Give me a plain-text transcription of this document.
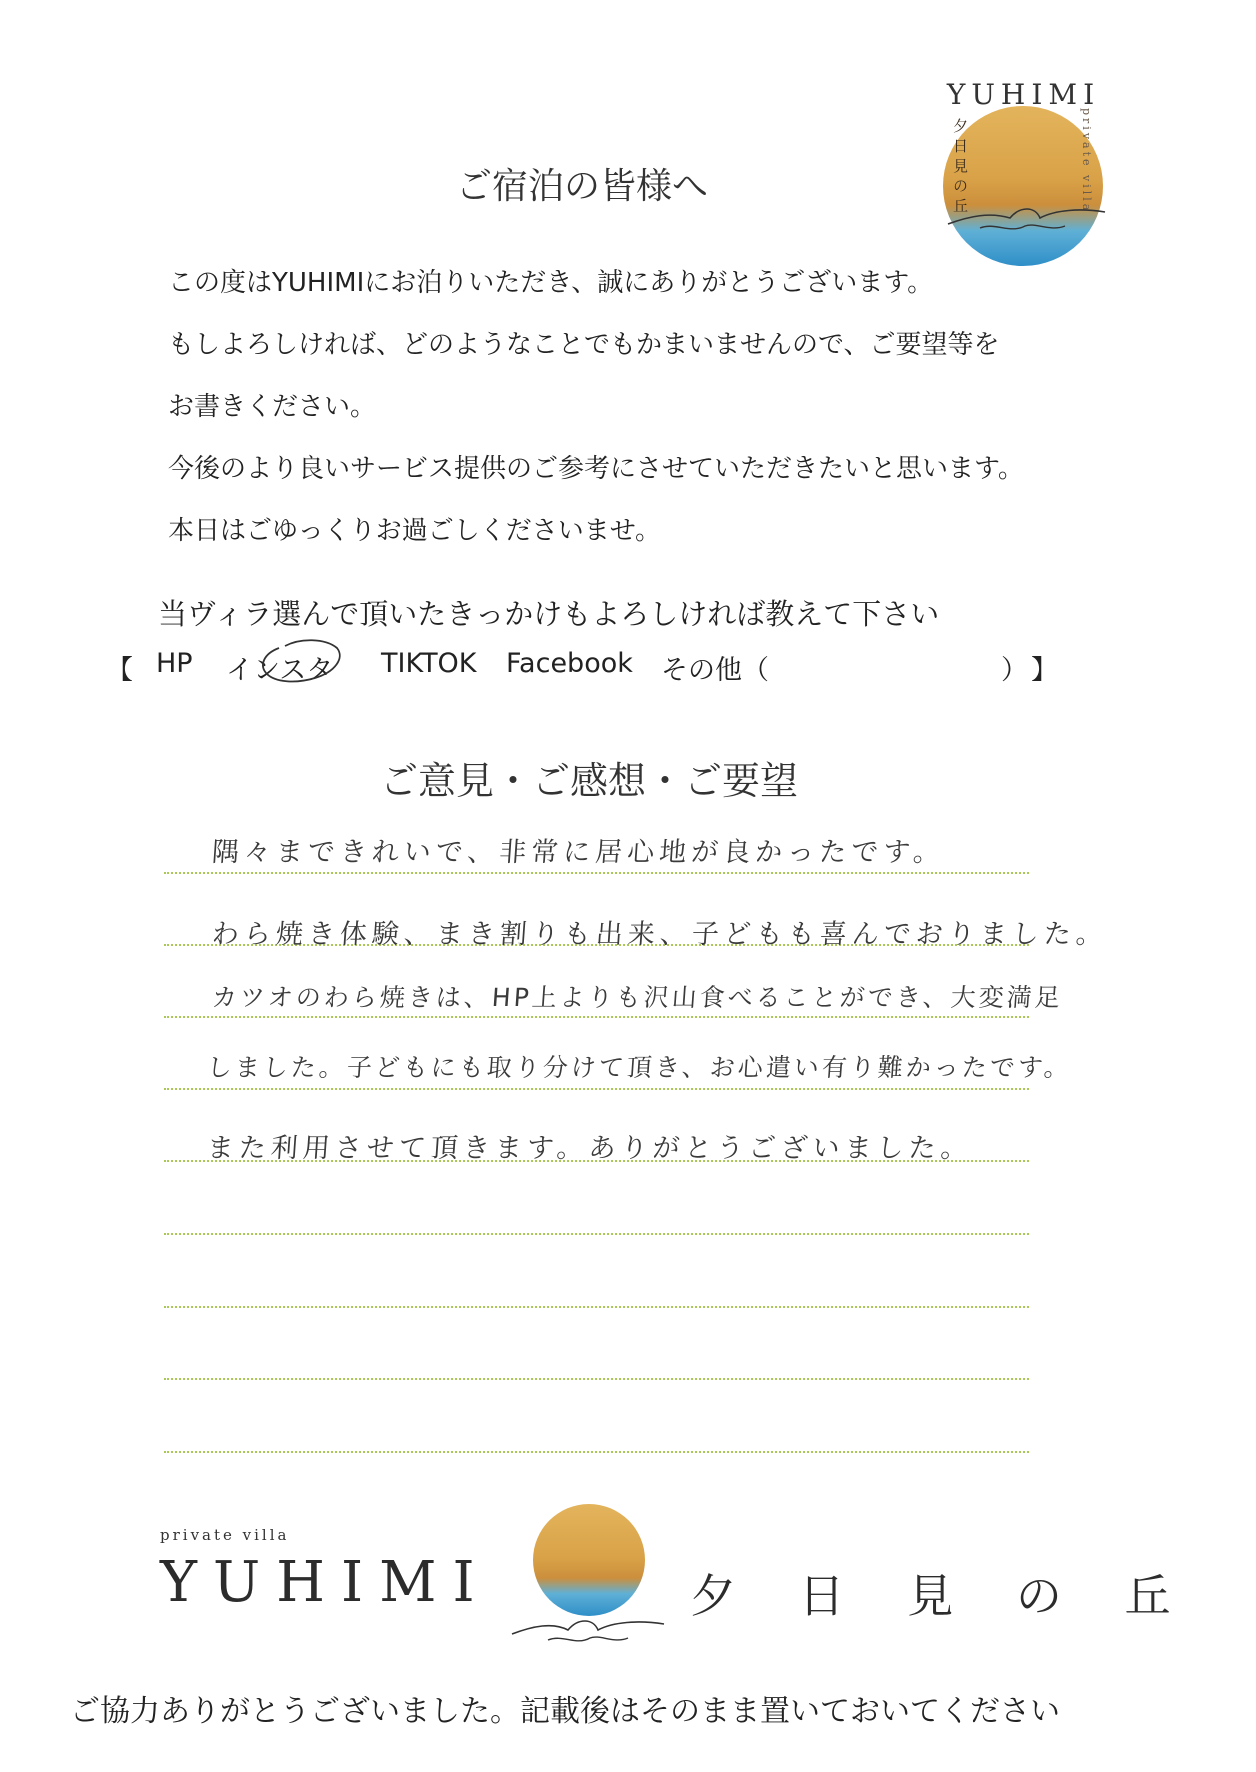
YUHIMI
夕日見の丘	private villa
ご宿泊の皆様へ

この度はYUHIMIにお泊りいただき、誠にありがとうございます。

もしよろしければ、どのようなことでもかまいませんので、ご要望等を

お書きください。

今後のより良いサービス提供のご参考にさせていただきたいと思います。

本日はごゆっくりお過ごしくださいませ。

当ヴィラ選んで頂いたきっかけもよろしければ教えて下さい
【 HP インスタ TIKTOK Facebook その他（	） 】
ご意見・ご感想・ご要望
隅々まできれいで、非常に居心地が良かったです。
わら焼き体験、まき割りも出来、子どもも喜んでおりました。
カツオのわら焼きは、HP上よりも沢山食べることができ、大変満足
しました。子どもにも取り分けて頂き、お心遣い有り難かったです。
また利用させて頂きます。ありがとうございました。
private villa
YUHIMI	夕 日 見 の 丘
ご協力ありがとうございました。記載後はそのまま置いておいてください
